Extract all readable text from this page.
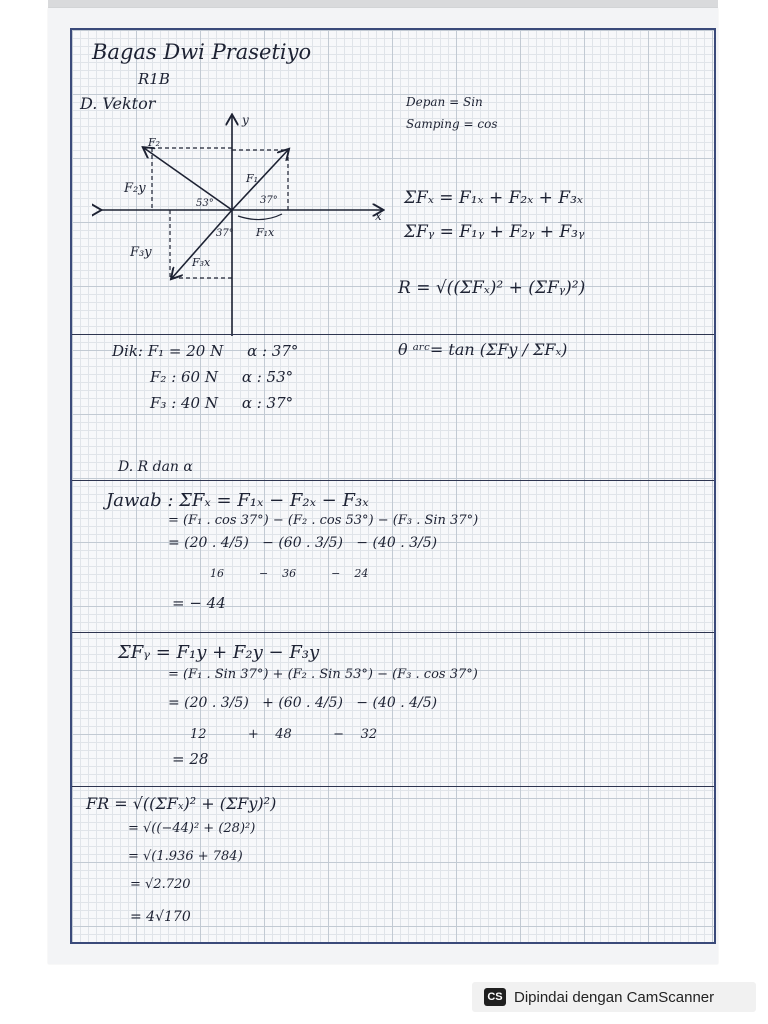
Bagas Dwi Prasetiyo
R1B
D. Vektor
x
y
F₂
F₁
F₂y
F₃y
F₃x
F₁x
53°	37°
37°
Depan = Sin
Samping = cos
ΣFₓ = F₁ₓ + F₂ₓ + F₃ₓ
ΣFᵧ = F₁ᵧ + F₂ᵧ + F₃ᵧ
R = √((ΣFₓ)² + (ΣFᵧ)²)
Dik: F₁ = 20 N     α : 37°
F₂ : 60 N     α : 53°
F₃ : 40 N     α : 37°
θ ᵃʳᶜ= tan (ΣFy / ΣFₓ)
D. R dan α
Jawab : ΣFₓ = F₁ₓ − F₂ₓ − F₃ₓ
= (F₁ . cos 37°) − (F₂ . cos 53°) − (F₃ . Sin 37°)
= (20 . 4/5)   − (60 . 3/5)   − (40 . 3/5)
16          −    36          −    24
= − 44
ΣFᵧ = F₁y + F₂y − F₃y
= (F₁ . Sin 37°) + (F₂ . Sin 53°) − (F₃ . cos 37°)
= (20 . 3/5)   + (60 . 4/5)   − (40 . 4/5)
12          +    48          −    32
= 28
FR = √((ΣFₓ)² + (ΣFy)²)
= √((−44)² + (28)²)
= √(1.936 + 784)
= √2.720
= 4√170
CS Dipindai dengan CamScanner
